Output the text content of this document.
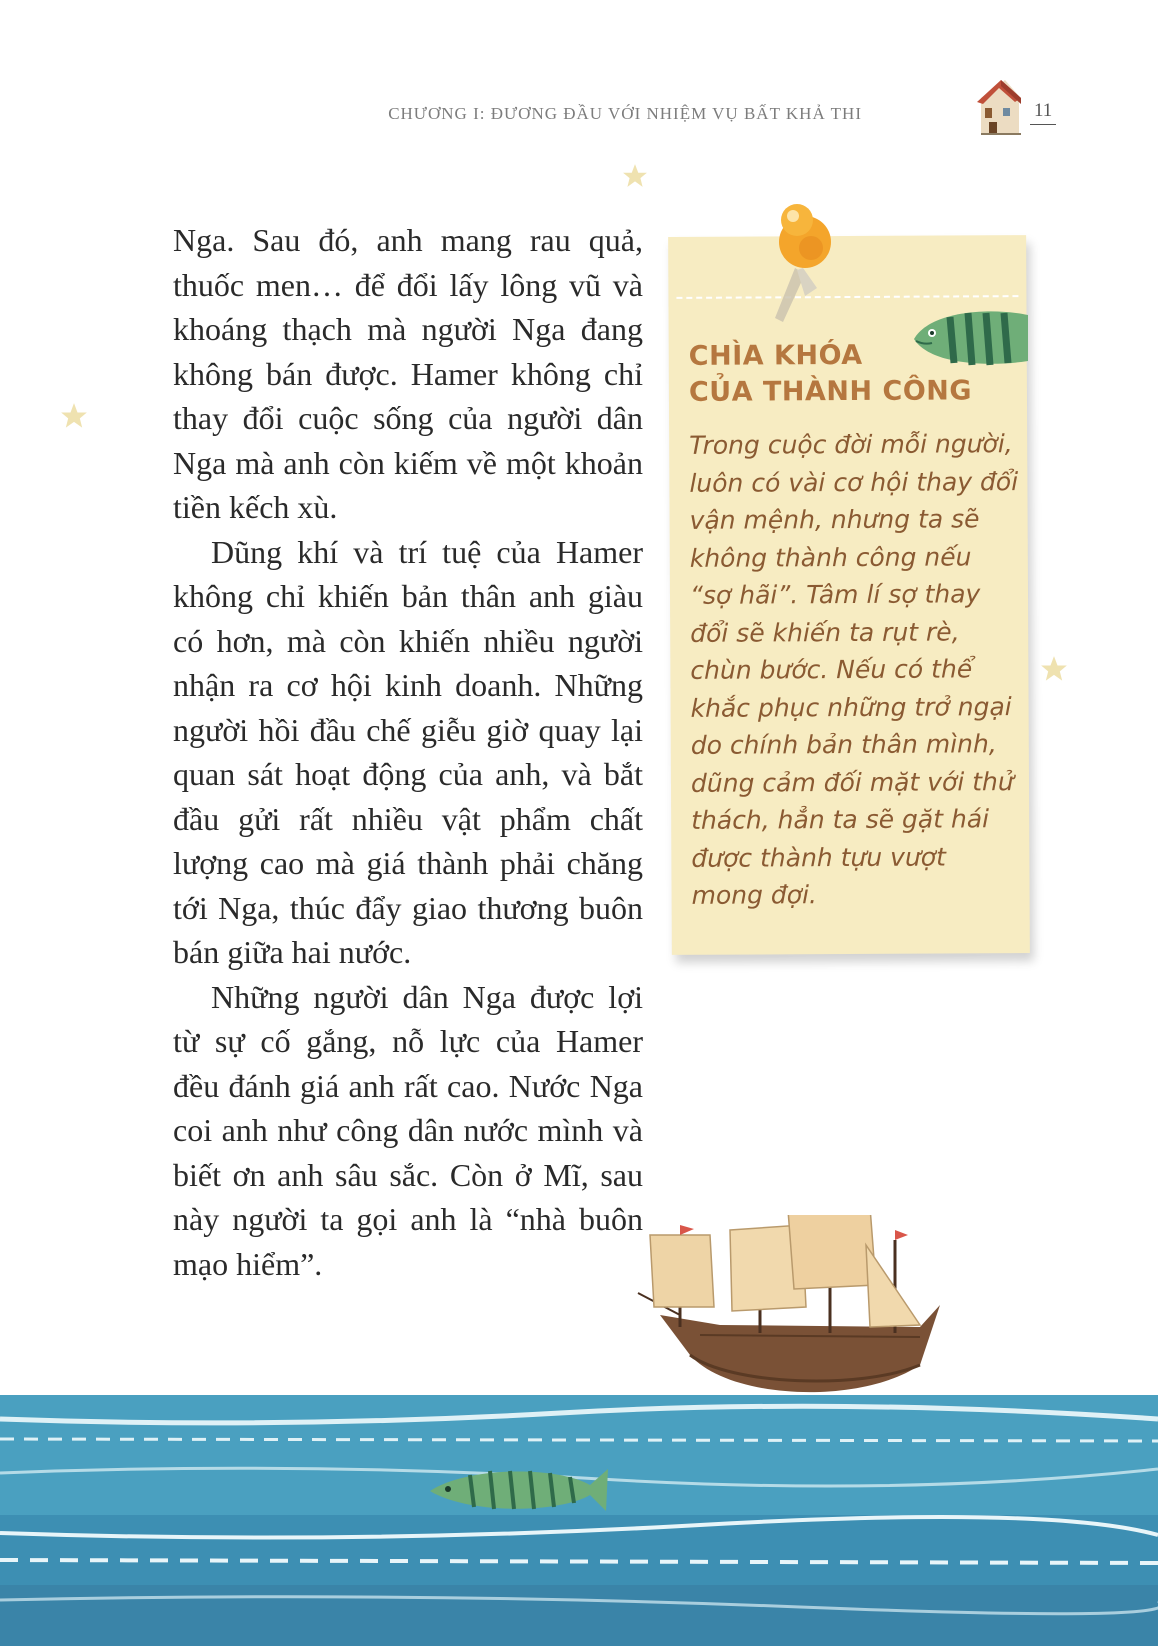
CHƯƠNG I: ĐƯƠNG ĐẦU VỚI NHIỆM VỤ BẤT KHẢ THI	11

Nga. Sau đó, anh mang rau quả, thuốc men… để đổi lấy lông vũ và khoáng thạch mà người Nga đang không bán được. Hamer không chỉ thay đổi cuộc sống của người dân Nga mà anh còn kiếm về một khoản tiền kếch xù.

Dũng khí và trí tuệ của Hamer không chỉ khiến bản thân anh giàu có hơn, mà còn khiến nhiều người nhận ra cơ hội kinh doanh. Những người hồi đầu chế giễu giờ quay lại quan sát hoạt động của anh, và bắt đầu gửi rất nhiều vật phẩm chất lượng cao mà giá thành phải chăng tới Nga, thúc đẩy giao thương buôn bán giữa hai nước.

Những người dân Nga được lợi từ sự cố gắng, nỗ lực của Hamer đều đánh giá anh rất cao. Nước Nga coi anh như công dân nước mình và biết ơn anh sâu sắc. Còn ở Mĩ, sau này người ta gọi anh là “nhà buôn mạo hiểm”.

CHÌA KHÓA
CỦA THÀNH CÔNG
Trong cuộc đời mỗi người, luôn có vài cơ hội thay đổi vận mệnh, nhưng ta sẽ không thành công nếu “sợ hãi”. Tâm lí sợ thay đổi sẽ khiến ta rụt rè, chùn bước. Nếu có thể khắc phục những trở ngại do chính bản thân mình, dũng cảm đối mặt với thử thách, hẳn ta sẽ gặt hái được thành tựu vượt mong đợi.
